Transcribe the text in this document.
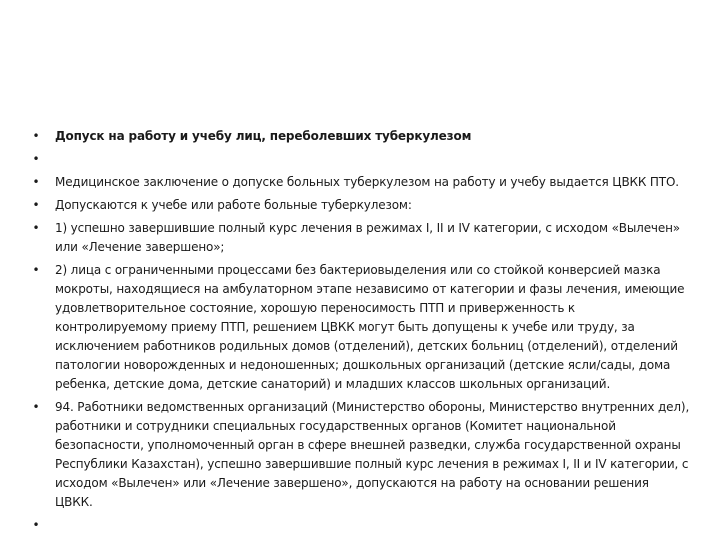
• Допуск на работу и учебу лиц, переболевших туберкулезом
•
• Медицинское заключение о допуске больных туберкулезом на работу и учебу выдается ЦВКК ПТО.
• Допускаются к учебе или работе больные туберкулезом:
• 1) успешно завершившие полный курс лечения в режимах I, II и IV категории, с исходом «Вылечен» или «Лечение завершено»;
• 2) лица с ограниченными процессами без бактериовыделения или со стойкой конверсией мазка мокроты, находящиеся на амбулаторном этапе независимо от категории и фазы лечения, имеющие удовлетворительное состояние, хорошую переносимость ПТП и приверженность к контролируемому приему ПТП, решением ЦВКК могут быть допущены к учебе или труду, за исключением работников родильных домов (отделений), детских больниц (отделений), отделений патологии новорожденных и недоношенных; дошкольных организаций (детские ясли/сады, дома ребенка, детские дома, детские санаторий) и младших классов школьных организаций.
• 94. Работники ведомственных организаций (Министерство обороны, Министерство внутренних дел), работники и сотрудники специальных государственных органов (Комитет национальной безопасности, уполномоченный орган в сфере внешней разведки, служба государственной охраны Республики Казахстан), успешно завершившие полный курс лечения в режимах I, II и IV категории, с исходом «Вылечен» или «Лечение завершено», допускаются на работу на основании решения ЦВКК.
•
